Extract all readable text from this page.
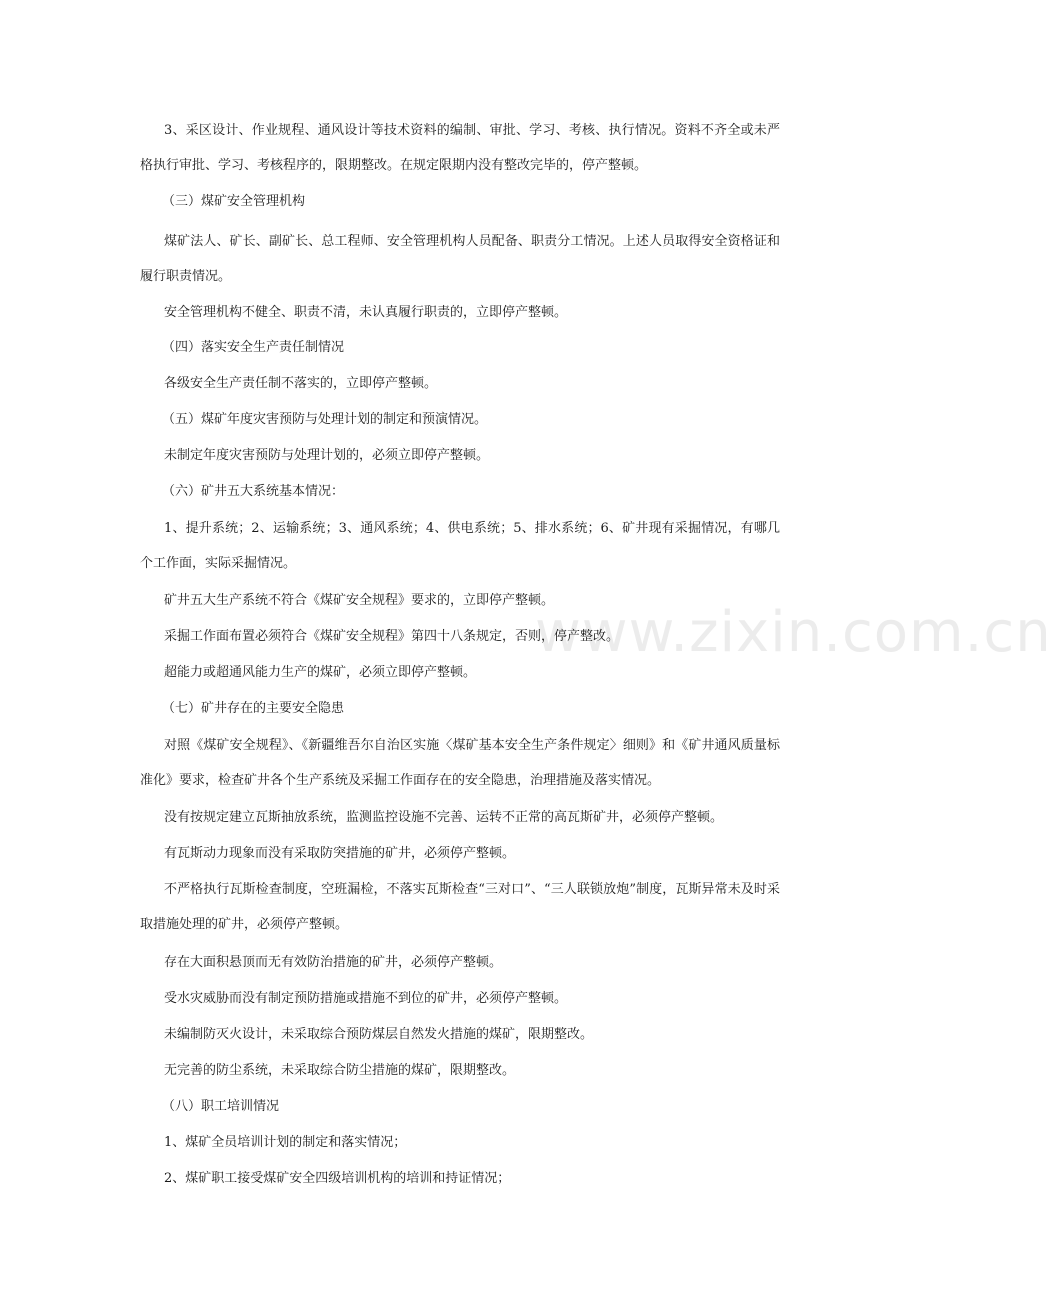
www.zixin.com.cn

3、采区设计、作业规程、通风设计等技术资料的编制、审批、学习、考核、执行情况。资料不齐全或未严格执行审批、学习、考核程序的，限期整改。在规定限期内没有整改完毕的，停产整顿。

（三）煤矿安全管理机构

煤矿法人、矿长、副矿长、总工程师、安全管理机构人员配备、职责分工情况。上述人员取得安全资格证和履行职责情况。

安全管理机构不健全、职责不清，未认真履行职责的，立即停产整顿。

（四）落实安全生产责任制情况

各级安全生产责任制不落实的，立即停产整顿。

（五）煤矿年度灾害预防与处理计划的制定和预演情况。

未制定年度灾害预防与处理计划的，必须立即停产整顿。

（六）矿井五大系统基本情况：

1、提升系统；2、运输系统；3、通风系统；4、供电系统；5、排水系统；6、矿井现有采掘情况，有哪几个工作面，实际采掘情况。

矿井五大生产系统不符合《煤矿安全规程》要求的，立即停产整顿。

采掘工作面布置必须符合《煤矿安全规程》第四十八条规定，否则，停产整改。

超能力或超通风能力生产的煤矿，必须立即停产整顿。

（七）矿井存在的主要安全隐患

对照《煤矿安全规程》、《新疆维吾尔自治区实施〈煤矿基本安全生产条件规定〉细则》和《矿井通风质量标准化》要求，检查矿井各个生产系统及采掘工作面存在的安全隐患，治理措施及落实情况。

没有按规定建立瓦斯抽放系统，监测监控设施不完善、运转不正常的高瓦斯矿井，必须停产整顿。

有瓦斯动力现象而没有采取防突措施的矿井，必须停产整顿。

不严格执行瓦斯检查制度，空班漏检，不落实瓦斯检查“三对口”、“三人联锁放炮”制度，瓦斯异常未及时采取措施处理的矿井，必须停产整顿。

存在大面积悬顶而无有效防治措施的矿井，必须停产整顿。

受水灾威胁而没有制定预防措施或措施不到位的矿井，必须停产整顿。

未编制防灭火设计，未采取综合预防煤层自然发火措施的煤矿，限期整改。

无完善的防尘系统，未采取综合防尘措施的煤矿，限期整改。

（八）职工培训情况

1、煤矿全员培训计划的制定和落实情况；

2、煤矿职工接受煤矿安全四级培训机构的培训和持证情况；
